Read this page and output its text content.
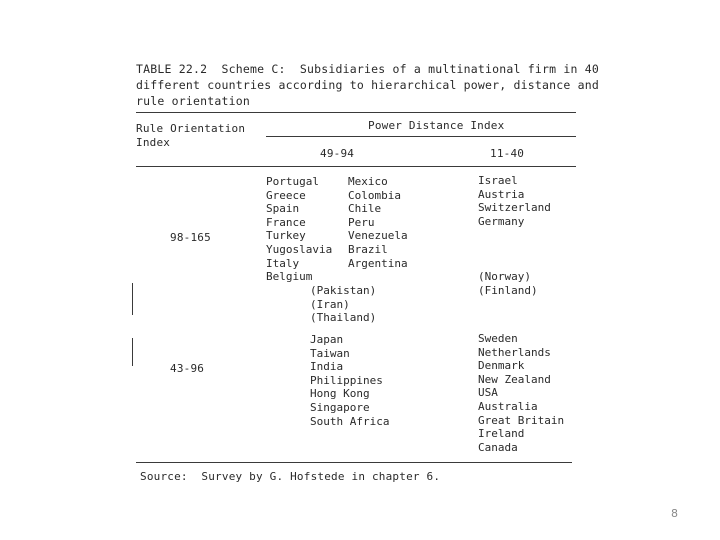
TABLE 22.2  Scheme C:  Subsidiaries of a multinational firm in 40
different countries according to hierarchical power, distance and
rule orientation
Rule Orientation
Index
Power Distance Index
49-94	11-40
98-165
Portugal
Greece
Spain
France
Turkey
Yugoslavia
Italy
Belgium
Mexico
Colombia
Chile
Peru
Venezuela
Brazil
Argentina
(Pakistan)
(Iran)
(Thailand)
Israel
Austria
Switzerland
Germany
(Norway)
(Finland)
43-96
Japan
Taiwan
India
Philippines
Hong Kong
Singapore
South Africa
Sweden
Netherlands
Denmark
New Zealand
USA
Australia
Great Britain
Ireland
Canada
Source:  Survey by G. Hofstede in chapter 6.
8
